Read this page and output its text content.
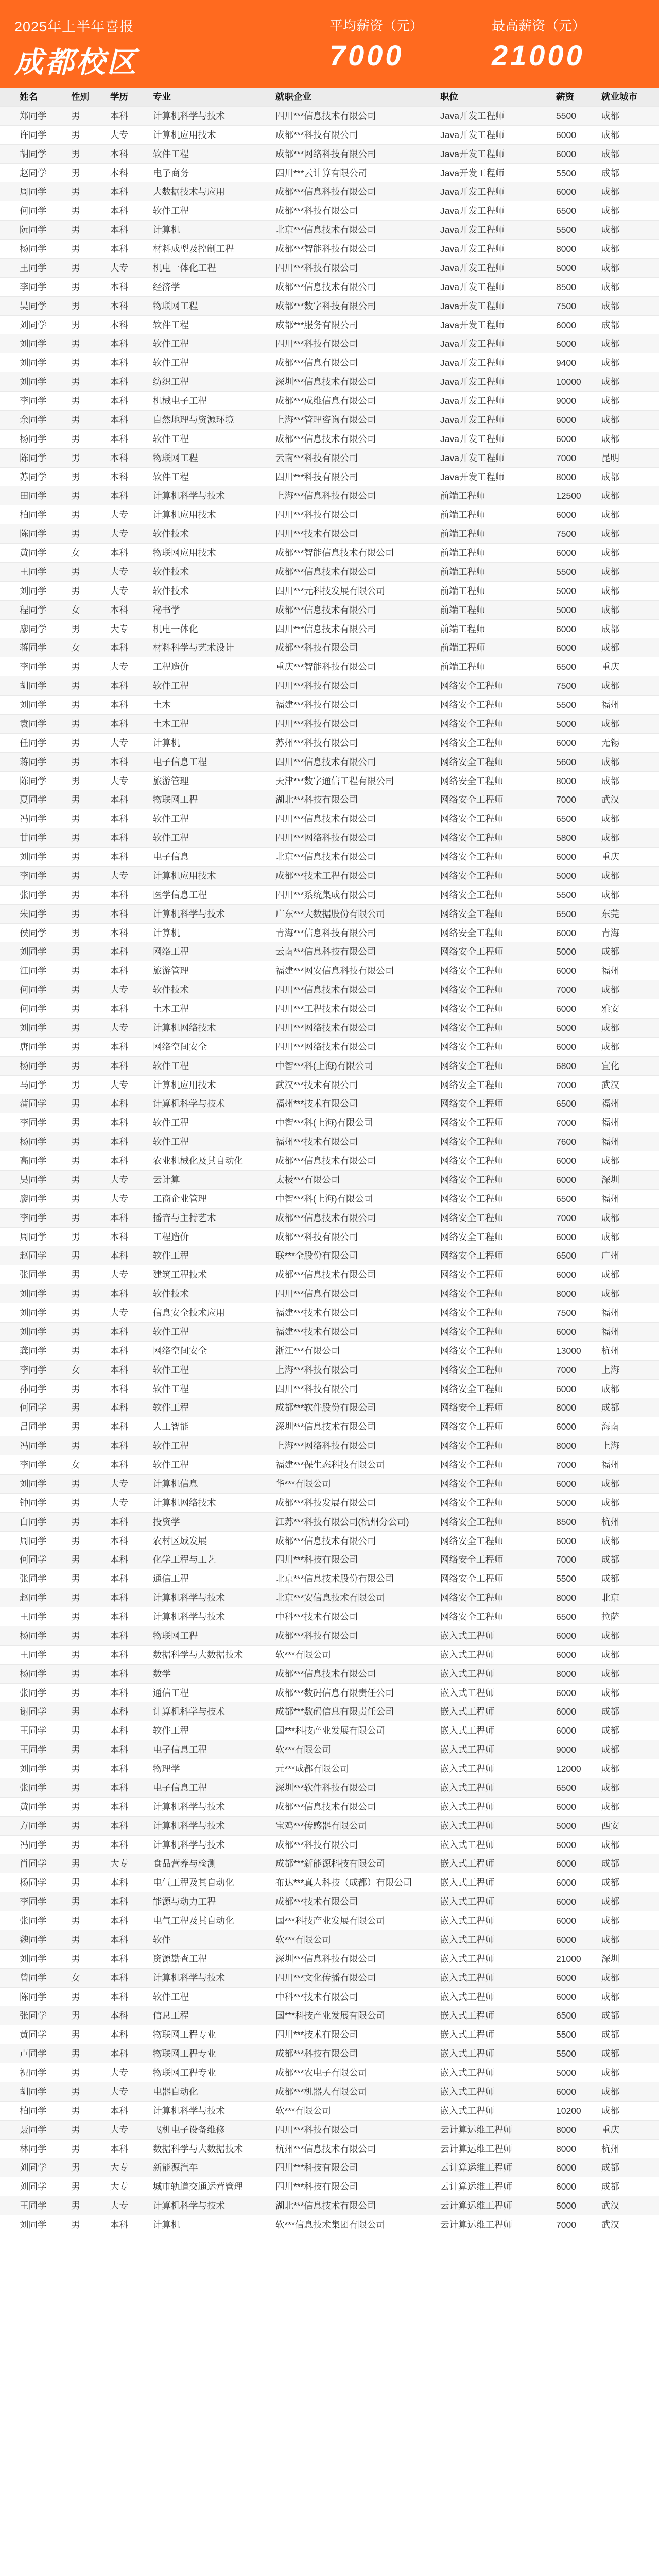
2025年上半年喜报
成都校区
平均薪资（元）
7000
最高薪资（元）
21000
姓名	性别	学历	专业	就职企业	职位	薪资	就业城市
郑同学	男	本科	计算机科学与技术	四川***信息技术有限公司	Java开发工程师	5500	成都
许同学	男	大专	计算机应用技术	成都***科技有限公司	Java开发工程师	6000	成都
胡同学	男	本科	软件工程	成都***网络科技有限公司	Java开发工程师	6000	成都
赵同学	男	本科	电子商务	四川***云计算有限公司	Java开发工程师	5500	成都
周同学	男	本科	大数据技术与应用	成都***信息科技有限公司	Java开发工程师	6000	成都
何同学	男	本科	软件工程	成都***科技有限公司	Java开发工程师	6500	成都
阮同学	男	本科	计算机	北京***信息技术有限公司	Java开发工程师	5500	成都
杨同学	男	本科	材料成型及控制工程	成都***智能科技有限公司	Java开发工程师	8000	成都
王同学	男	大专	机电一体化工程	四川***科技有限公司	Java开发工程师	5000	成都
李同学	男	本科	经济学	成都***信息技术有限公司	Java开发工程师	8500	成都
吴同学	男	本科	物联网工程	成都***数字科技有限公司	Java开发工程师	7500	成都
刘同学	男	本科	软件工程	成都***服务有限公司	Java开发工程师	6000	成都
刘同学	男	本科	软件工程	四川***科技有限公司	Java开发工程师	5000	成都
刘同学	男	本科	软件工程	成都***信息有限公司	Java开发工程师	9400	成都
刘同学	男	本科	纺织工程	深圳***信息技术有限公司	Java开发工程师	10000	成都
李同学	男	本科	机械电子工程	成都***成维信息有限公司	Java开发工程师	9000	成都
余同学	男	本科	自然地理与资源环境	上海***管理咨询有限公司	Java开发工程师	6000	成都
杨同学	男	本科	软件工程	成都***信息技术有限公司	Java开发工程师	6000	成都
陈同学	男	本科	物联网工程	云南***科技有限公司	Java开发工程师	7000	昆明
苏同学	男	本科	软件工程	四川***科技有限公司	Java开发工程师	8000	成都
田同学	男	本科	计算机科学与技术	上海***信息科技有限公司	前端工程师	12500	成都
柏同学	男	大专	计算机应用技术	四川***科技有限公司	前端工程师	6000	成都
陈同学	男	大专	软件技术	四川***技术有限公司	前端工程师	7500	成都
黄同学	女	本科	物联网应用技术	成都***智能信息技术有限公司	前端工程师	6000	成都
王同学	男	大专	软件技术	成都***信息技术有限公司	前端工程师	5500	成都
刘同学	男	大专	软件技术	四川***元科技发展有限公司	前端工程师	5000	成都
程同学	女	本科	秘书学	成都***信息技术有限公司	前端工程师	5000	成都
廖同学	男	大专	机电一体化	四川***信息技术有限公司	前端工程师	6000	成都
蒋同学	女	本科	材料科学与艺术设计	成都***科技有限公司	前端工程师	6000	成都
李同学	男	大专	工程造价	重庆***智能科技有限公司	前端工程师	6500	重庆
胡同学	男	本科	软件工程	四川***科技有限公司	网络安全工程师	7500	成都
刘同学	男	本科	土木	福建***科技有限公司	网络安全工程师	5500	福州
袁同学	男	本科	土木工程	四川***科技有限公司	网络安全工程师	5000	成都
任同学	男	大专	计算机	苏州***科技有限公司	网络安全工程师	6000	无锡
蒋同学	男	本科	电子信息工程	四川***信息技术有限公司	网络安全工程师	5600	成都
陈同学	男	大专	旅游管理	天津***数字通信工程有限公司	网络安全工程师	8000	成都
夏同学	男	本科	物联网工程	湖北***科技有限公司	网络安全工程师	7000	武汉
冯同学	男	本科	软件工程	四川***信息技术有限公司	网络安全工程师	6500	成都
甘同学	男	本科	软件工程	四川***网络科技有限公司	网络安全工程师	5800	成都
刘同学	男	本科	电子信息	北京***信息技术有限公司	网络安全工程师	6000	重庆
李同学	男	大专	计算机应用技术	成都***技术工程有限公司	网络安全工程师	5000	成都
张同学	男	本科	医学信息工程	四川***系统集成有限公司	网络安全工程师	5500	成都
朱同学	男	本科	计算机科学与技术	广东***大数据股份有限公司	网络安全工程师	6500	东莞
侯同学	男	本科	计算机	青海***信息科技有限公司	网络安全工程师	6000	青海
刘同学	男	本科	网络工程	云南***信息科技有限公司	网络安全工程师	5000	成都
江同学	男	本科	旅游管理	福建***网安信息科技有限公司	网络安全工程师	6000	福州
何同学	男	大专	软件技术	四川***信息技术有限公司	网络安全工程师	7000	成都
何同学	男	本科	土木工程	四川***工程技术有限公司	网络安全工程师	6000	雅安
刘同学	男	大专	计算机网络技术	四川***网络技术有限公司	网络安全工程师	5000	成都
唐同学	男	本科	网络空间安全	四川***网络技术有限公司	网络安全工程师	6000	成都
杨同学	男	本科	软件工程	中智***科(上海)有限公司	网络安全工程师	6800	宜化
马同学	男	大专	计算机应用技术	武汉***技术有限公司	网络安全工程师	7000	武汉
蒲同学	男	本科	计算机科学与技术	福州***技术有限公司	网络安全工程师	6500	福州
李同学	男	本科	软件工程	中智***科(上海)有限公司	网络安全工程师	7000	福州
杨同学	男	本科	软件工程	福州***技术有限公司	网络安全工程师	7600	福州
高同学	男	本科	农业机械化及其自动化	成都***信息技术有限公司	网络安全工程师	6000	成都
吴同学	男	大专	云计算	太极***有限公司	网络安全工程师	6000	深圳
廖同学	男	大专	工商企业管理	中智***科(上海)有限公司	网络安全工程师	6500	福州
李同学	男	本科	播音与主持艺术	成都***信息技术有限公司	网络安全工程师	7000	成都
周同学	男	本科	工程造价	成都***科技有限公司	网络安全工程师	6000	成都
赵同学	男	本科	软件工程	联***全股份有限公司	网络安全工程师	6500	广州
张同学	男	大专	建筑工程技术	成都***信息技术有限公司	网络安全工程师	6000	成都
刘同学	男	本科	软件技术	四川***信息有限公司	网络安全工程师	8000	成都
刘同学	男	大专	信息安全技术应用	福建***技术有限公司	网络安全工程师	7500	福州
刘同学	男	本科	软件工程	福建***技术有限公司	网络安全工程师	6000	福州
龚同学	男	本科	网络空间安全	浙江***有限公司	网络安全工程师	13000	杭州
李同学	女	本科	软件工程	上海***科技有限公司	网络安全工程师	7000	上海
孙同学	男	本科	软件工程	四川***科技有限公司	网络安全工程师	6000	成都
何同学	男	本科	软件工程	成都***软件股份有限公司	网络安全工程师	8000	成都
吕同学	男	本科	人工智能	深圳***信息技术有限公司	网络安全工程师	6000	海南
冯同学	男	本科	软件工程	上海***网络科技有限公司	网络安全工程师	8000	上海
李同学	女	本科	软件工程	福建***保生态科技有限公司	网络安全工程师	7000	福州
刘同学	男	大专	计算机信息	华***有限公司	网络安全工程师	6000	成都
钟同学	男	大专	计算机网络技术	成都***科技发展有限公司	网络安全工程师	5000	成都
白同学	男	本科	投资学	江苏***科技有限公司(杭州分公司)	网络安全工程师	8500	杭州
周同学	男	本科	农村区域发展	成都***信息技术有限公司	网络安全工程师	6000	成都
何同学	男	本科	化学工程与工艺	四川***科技有限公司	网络安全工程师	7000	成都
张同学	男	本科	通信工程	北京***信息技术股份有限公司	网络安全工程师	5500	成都
赵同学	男	本科	计算机科学与技术	北京***安信息技术有限公司	网络安全工程师	8000	北京
王同学	男	本科	计算机科学与技术	中科***技术有限公司	网络安全工程师	6500	拉萨
杨同学	男	本科	物联网工程	成都***科技有限公司	嵌入式工程师	6000	成都
王同学	男	本科	数据科学与大数据技术	软***有限公司	嵌入式工程师	6000	成都
杨同学	男	本科	数学	成都***信息技术有限公司	嵌入式工程师	8000	成都
张同学	男	本科	通信工程	成都***数码信息有限责任公司	嵌入式工程师	6000	成都
谢同学	男	本科	计算机科学与技术	成都***数码信息有限责任公司	嵌入式工程师	6000	成都
王同学	男	本科	软件工程	国***科技产业发展有限公司	嵌入式工程师	6000	成都
王同学	男	本科	电子信息工程	软***有限公司	嵌入式工程师	9000	成都
刘同学	男	本科	物理学	元***成都有限公司	嵌入式工程师	12000	成都
张同学	男	本科	电子信息工程	深圳***软件科技有限公司	嵌入式工程师	6500	成都
黄同学	男	本科	计算机科学与技术	成都***信息技术有限公司	嵌入式工程师	6000	成都
方同学	男	本科	计算机科学与技术	宝鸡***传感器有限公司	嵌入式工程师	5000	西安
冯同学	男	本科	计算机科学与技术	成都***科技有限公司	嵌入式工程师	6000	成都
肖同学	男	大专	食品营养与检测	成都***新能源科技有限公司	嵌入式工程师	6000	成都
杨同学	男	本科	电气工程及其自动化	布达***真人科技（成都）有限公司	嵌入式工程师	6000	成都
李同学	男	本科	能源与动力工程	成都***技术有限公司	嵌入式工程师	6000	成都
张同学	男	本科	电气工程及其自动化	国***科技产业发展有限公司	嵌入式工程师	6000	成都
魏同学	男	本科	软件	软***有限公司	嵌入式工程师	6000	成都
刘同学	男	本科	资源勘查工程	深圳***信息科技有限公司	嵌入式工程师	21000	深圳
曾同学	女	本科	计算机科学与技术	四川***文化传播有限公司	嵌入式工程师	6000	成都
陈同学	男	本科	软件工程	中科***技术有限公司	嵌入式工程师	6000	成都
张同学	男	本科	信息工程	国***科技产业发展有限公司	嵌入式工程师	6500	成都
黄同学	男	本科	物联网工程专业	四川***技术有限公司	嵌入式工程师	5500	成都
卢同学	男	本科	物联网工程专业	成都***科技有限公司	嵌入式工程师	5500	成都
祝同学	男	大专	物联网工程专业	成都***农电子有限公司	嵌入式工程师	5000	成都
胡同学	男	大专	电器自动化	成都***机器人有限公司	嵌入式工程师	6000	成都
柏同学	男	本科	计算机科学与技术	软***有限公司	嵌入式工程师	10200	成都
聂同学	男	大专	飞机电子设备维修	四川***科技有限公司	云计算运维工程师	8000	重庆
林同学	男	本科	数据科学与大数据技术	杭州***信息技术有限公司	云计算运维工程师	8000	杭州
刘同学	男	大专	新能源汽车	四川***科技有限公司	云计算运维工程师	6000	成都
刘同学	男	大专	城市轨道交通运营管理	四川***科技有限公司	云计算运维工程师	6000	成都
王同学	男	大专	计算机科学与技术	湖北***信息技术有限公司	云计算运维工程师	5000	武汉
刘同学	男	本科	计算机	软***信息技术集团有限公司	云计算运维工程师	7000	武汉
